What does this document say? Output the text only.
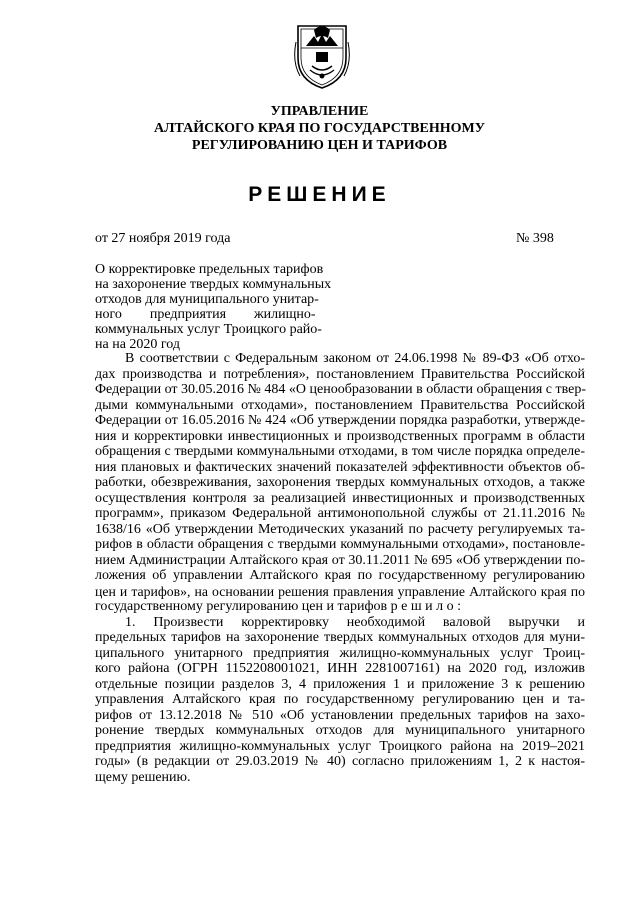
УПРАВЛЕНИЕ
АЛТАЙСКОГО КРАЯ ПО ГОСУДАРСТВЕННОМУ
РЕГУЛИРОВАНИЮ ЦЕН И ТАРИФОВ
РЕШЕНИЕ
от 27 ноября 2019 года	№ 398
О корректировке предельных тарифов
на захоронение твердых коммунальных
отходов для муниципального унитар-
ного        предприятия        жилищно-
коммунальных услуг Троицкого райо-
на на 2020 год
В соответствии с Федеральным законом от 24.06.1998 № 89-ФЗ «Об отхо-
дах производства и потребления», постановлением Правительства Российской
Федерации от 30.05.2016 № 484 «О ценообразовании в области обращения с твер-
дыми коммунальными отходами», постановлением Правительства Российской
Федерации от 16.05.2016 № 424 «Об утверждении порядка разработки, утвержде-
ния и корректировки инвестиционных и производственных программ в области
обращения с твердыми коммунальными отходами, в том числе порядка определе-
ния плановых и фактических значений показателей эффективности объектов об-
работки, обезвреживания, захоронения твердых коммунальных отходов, а также
осуществления контроля за реализацией инвестиционных и производственных
программ», приказом Федеральной антимонопольной службы от 21.11.2016 №
1638/16 «Об утверждении Методических указаний по расчету регулируемых та-
рифов в области обращения с твердыми коммунальными отходами», постановле-
нием Администрации Алтайского края от 30.11.2011 № 695 «Об утверждении по-
ложения об управлении Алтайского края по государственному регулированию
цен и тарифов», на основании решения правления управление Алтайского края по
государственному регулированию цен и тарифов р е ш и л о :
1. Произвести корректировку необходимой валовой выручки и
предельных тарифов на захоронение твердых коммунальных отходов для муни-
ципального унитарного предприятия жилищно-коммунальных услуг Троиц-
кого района (ОГРН 1152208001021, ИНН 2281007161) на 2020 год, изложив
отдельные позиции разделов 3, 4 приложения 1 и приложение 3 к решению
управления Алтайского края по государственному регулированию цен и та-
рифов от 13.12.2018 № 510 «Об установлении предельных тарифов на захо-
ронение твердых коммунальных отходов для муниципального унитарного
предприятия жилищно-коммунальных услуг Троицкого района на 2019–2021
годы» (в редакции от 29.03.2019 № 40) согласно приложениям 1, 2 к настоя-
щему решению.
